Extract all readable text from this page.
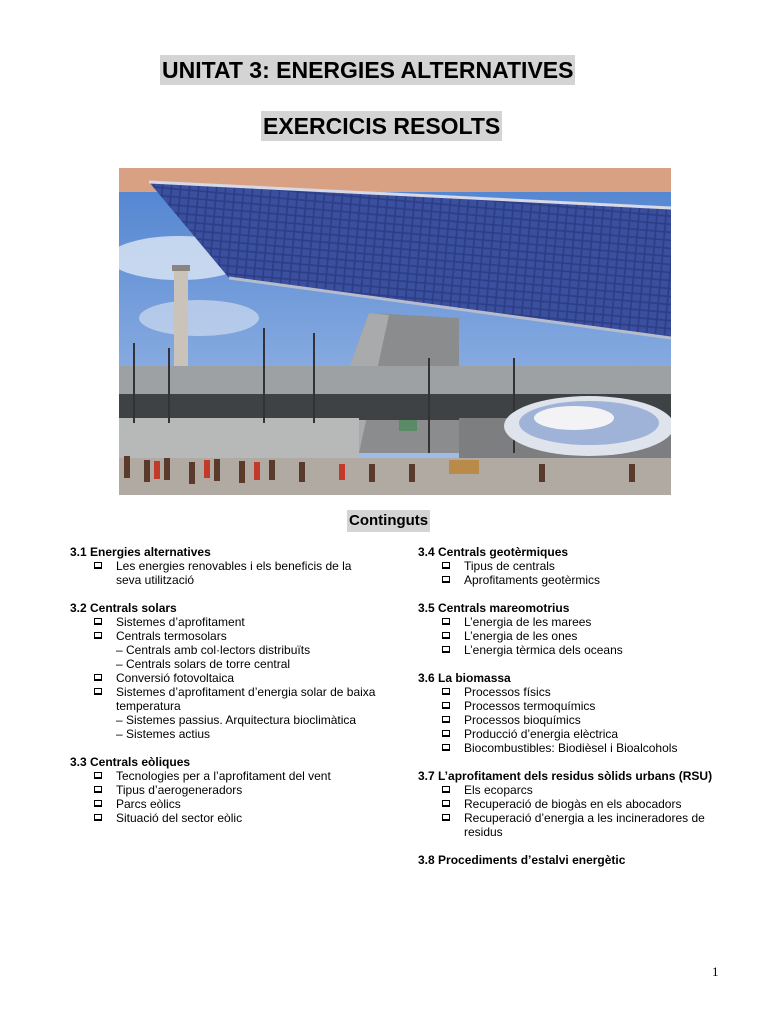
UNITAT 3: ENERGIES ALTERNATIVES
EXERCICIS RESOLTS
Continguts
3.1 Energies alternatives
Les energies renovables i els beneficis de la seva utilització
3.2 Centrals solars
Sistemes d’aprofitament
Centrals termosolars
– Centrals amb col·lectors distribuïts
– Centrals solars de torre central
Conversió fotovoltaica
Sistemes d’aprofitament d’energia solar de baixa temperatura
– Sistemes passius. Arquitectura bioclimàtica
– Sistemes actius
3.3 Centrals eòliques
Tecnologies per a l’aprofitament del vent
Tipus d’aerogeneradors
Parcs eòlics
Situació del sector eòlic
3.4 Centrals geotèrmiques
Tipus de centrals
Aprofitaments geotèrmics
3.5 Centrals mareomotrius
L’energia de les marees
L’energia de les ones
L’energia tèrmica dels oceans
3.6 La biomassa
Processos físics
Processos termoquímics
Processos bioquímics
Producció d’energia elèctrica
Biocombustibles: Biodièsel i Bioalcohols
3.7 L’aprofitament dels residus sòlids urbans (RSU)
Els ecoparcs
Recuperació de biogàs en els abocadors
Recuperació d’energia a les incineradores de residus
3.8 Procediments d’estalvi energètic
1
